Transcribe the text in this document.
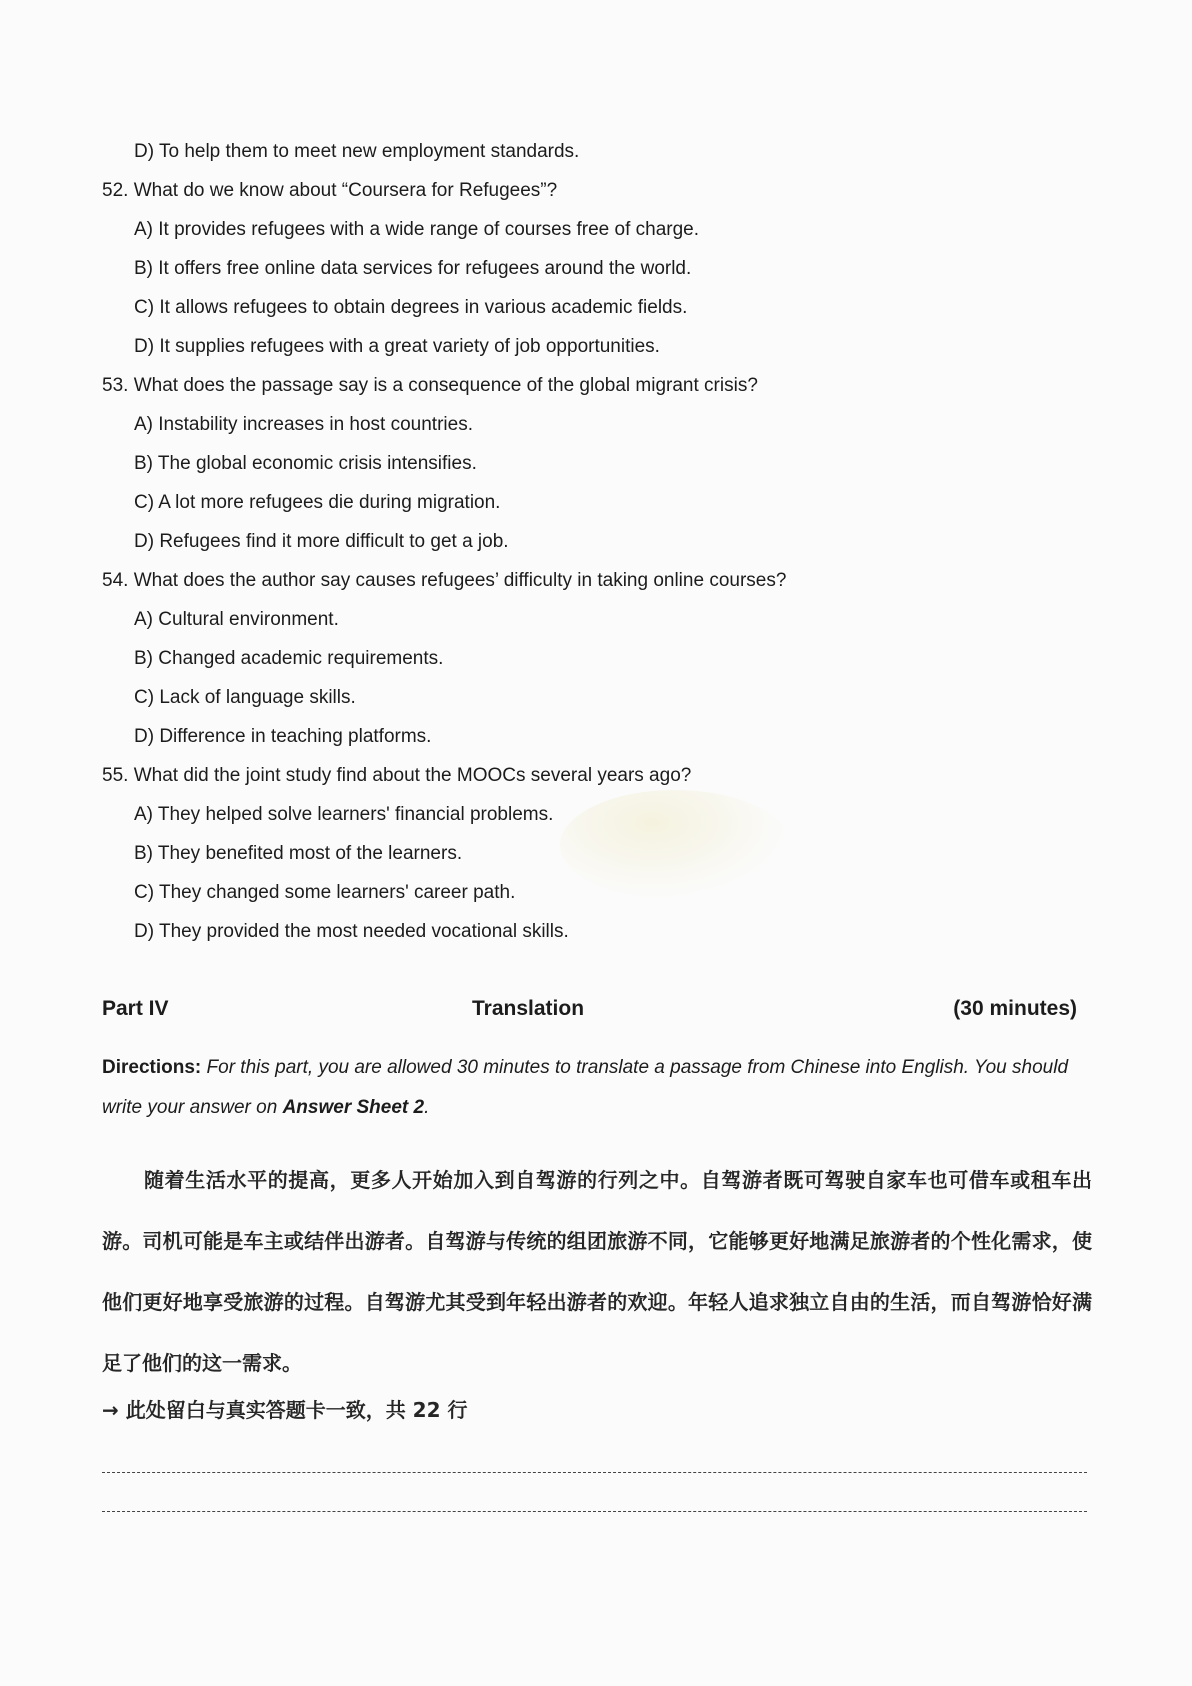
D) To help them to meet new employment standards.
52. What do we know about “Coursera for Refugees”?
A) It provides refugees with a wide range of courses free of charge.
B) It offers free online data services for refugees around the world.
C) It allows refugees to obtain degrees in various academic fields.
D) It supplies refugees with a great variety of job opportunities.
53. What does the passage say is a consequence of the global migrant crisis?
A) Instability increases in host countries.
B) The global economic crisis intensifies.
C) A lot more refugees die during migration.
D) Refugees find it more difficult to get a job.
54. What does the author say causes refugees’ difficulty in taking online courses?
A) Cultural environment.
B) Changed academic requirements.
C) Lack of language skills.
D) Difference in teaching platforms.
55. What did the joint study find about the MOOCs several years ago?
A) They helped solve learners' financial problems.
B) They benefited most of the learners.
C) They changed some learners' career path.
D) They provided the most needed vocational skills.
Part IV	Translation	(30 minutes)
Directions: For this part, you are allowed 30 minutes to translate a passage from Chinese into English. You should write your answer on Answer Sheet 2.
随着生活水平的提高，更多人开始加入到自驾游的行列之中。自驾游者既可驾驶自家车也可借车或租车出游。司机可能是车主或结伴出游者。自驾游与传统的组团旅游不同，它能够更好地满足旅游者的个性化需求，使他们更好地享受旅游的过程。自驾游尤其受到年轻出游者的欢迎。年轻人追求独立自由的生活，而自驾游恰好满足了他们的这一需求。
→ 此处留白与真实答题卡一致，共 22 行
